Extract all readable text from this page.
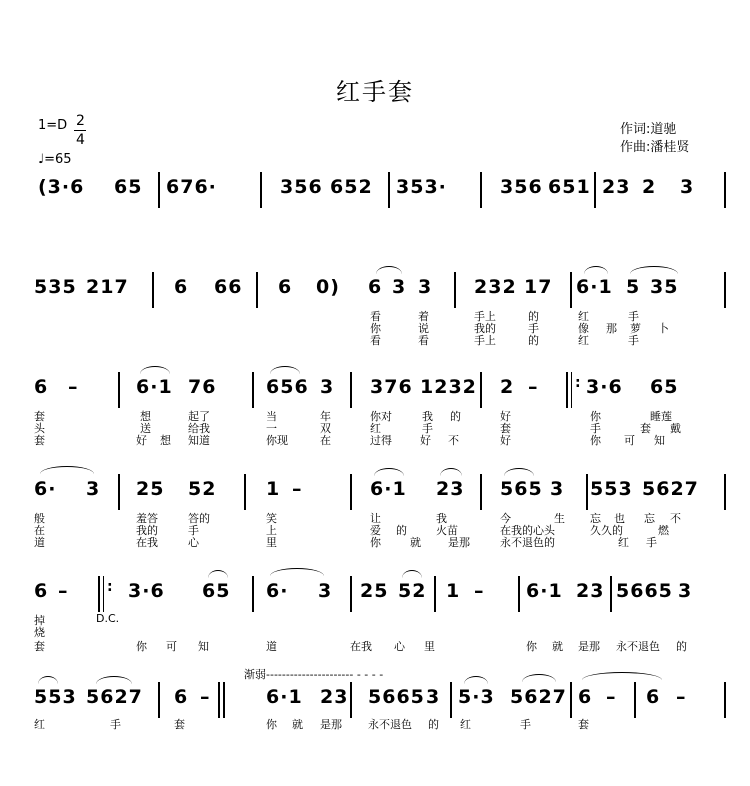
红手套
1=D 2
4
♩=65
作词:道驰
作曲:潘桂贤
(3·6 65 676·	356 652 353·	356 651 23 2 3
535 217 6 66 6 0) 6 3 3 232 17 6·1 5 35
看	着	手上	的	红	手
你	说	我的	手	像 那 萝 卜
看	看	手上	的	红	手
6 –	6·1 76	656 3 376 1232 2 –	: 3·6 65
套	想	起了	当	年	你对	我 的	好	你	睡莲
头	送	给我	一	双	红	手	套	手	套 戴
套	好 想 知道	你现	在	过得	好 不	好	你 可 知
6· 3 25 52	1 –	6·1 23 565 3 553 5627
般	羞答	答的	笑	让	我	今	生 忘 也 忘 不
在	我的	手	上	爱 的	火苗	在我的心头	久久的	燃
道	在我	心	里	你	就 是那	永不退色的	红 手
6 –	: 3·6 65 6· 3 25 52 1 – 6·1 23 5665 3
掉	D.C.
烧
套	你 可 知	道	在我 心 里	你 就 是那 永不退色 的
渐弱---------------------- - - - -
553 5627 6 –	6·1 23 5665 3 5·3 5627 6 – 6 –
红	手	套	你 就 是那 永不退色 的 红	手	套
